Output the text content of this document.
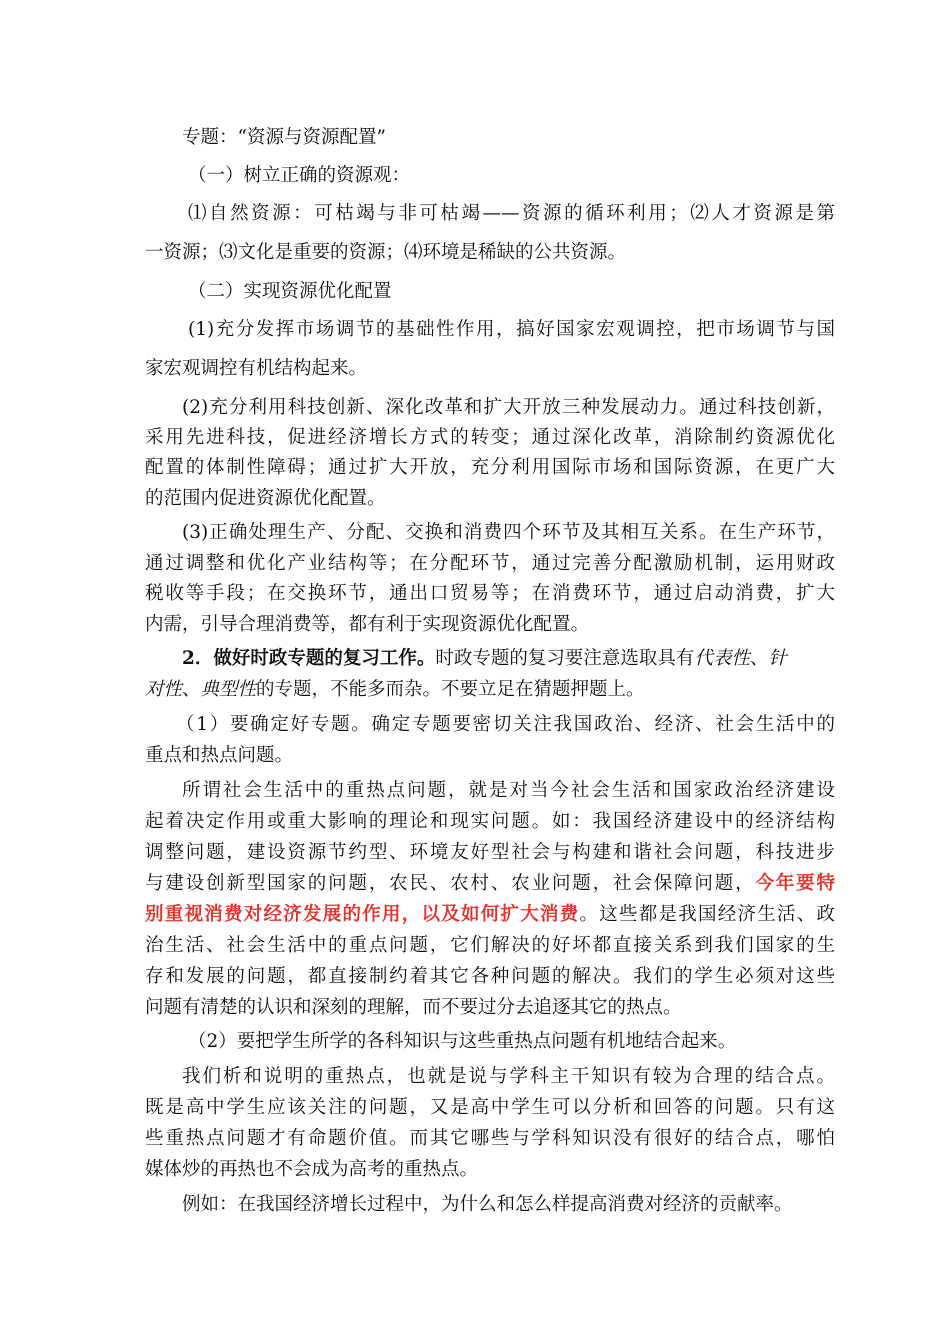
专题：“资源与资源配置”
（一）树立正确的资源观：
⑴自然资源：可枯竭与非可枯竭——资源的循环利用；⑵人才资源是第
一资源；⑶文化是重要的资源；⑷环境是稀缺的公共资源。
（二）实现资源优化配置
(1)充分发挥市场调节的基础性作用，搞好国家宏观调控，把市场调节与国
家宏观调控有机结构起来。
(2)充分利用科技创新、深化改革和扩大开放三种发展动力。通过科技创新，
采用先进科技，促进经济增长方式的转变；通过深化改革，消除制约资源优化
配置的体制性障碍；通过扩大开放，充分利用国际市场和国际资源，在更广大
的范围内促进资源优化配置。
(3)正确处理生产、分配、交换和消费四个环节及其相互关系。在生产环节，
通过调整和优化产业结构等；在分配环节，通过完善分配激励机制，运用财政
税收等手段；在交换环节，通出口贸易等；在消费环节，通过启动消费，扩大
内需，引导合理消费等，都有利于实现资源优化配置。
2．做好时政专题的复习工作。时政专题的复习要注意选取具有代表性、针
对性、典型性的专题，不能多而杂。不要立足在猜题押题上。
（1）要确定好专题。确定专题要密切关注我国政治、经济、社会生活中的
重点和热点问题。
所谓社会生活中的重热点问题，就是对当今社会生活和国家政治经济建设
起着决定作用或重大影响的理论和现实问题。如：我国经济建设中的经济结构
调整问题，建设资源节约型、环境友好型社会与构建和谐社会问题，科技进步
与建设创新型国家的问题，农民、农村、农业问题，社会保障问题，今年要特
别重视消费对经济发展的作用，以及如何扩大消费。这些都是我国经济生活、政
治生活、社会生活中的重点问题，它们解决的好坏都直接关系到我们国家的生
存和发展的问题，都直接制约着其它各种问题的解决。我们的学生必须对这些
问题有清楚的认识和深刻的理解，而不要过分去追逐其它的热点。
（2）要把学生所学的各科知识与这些重热点问题有机地结合起来。
我们析和说明的重热点，也就是说与学科主干知识有较为合理的结合点。
既是高中学生应该关注的问题，又是高中学生可以分析和回答的问题。只有这
些重热点问题才有命题价值。而其它哪些与学科知识没有很好的结合点，哪怕
媒体炒的再热也不会成为高考的重热点。
例如：在我国经济增长过程中，为什么和怎么样提高消费对经济的贡献率。
